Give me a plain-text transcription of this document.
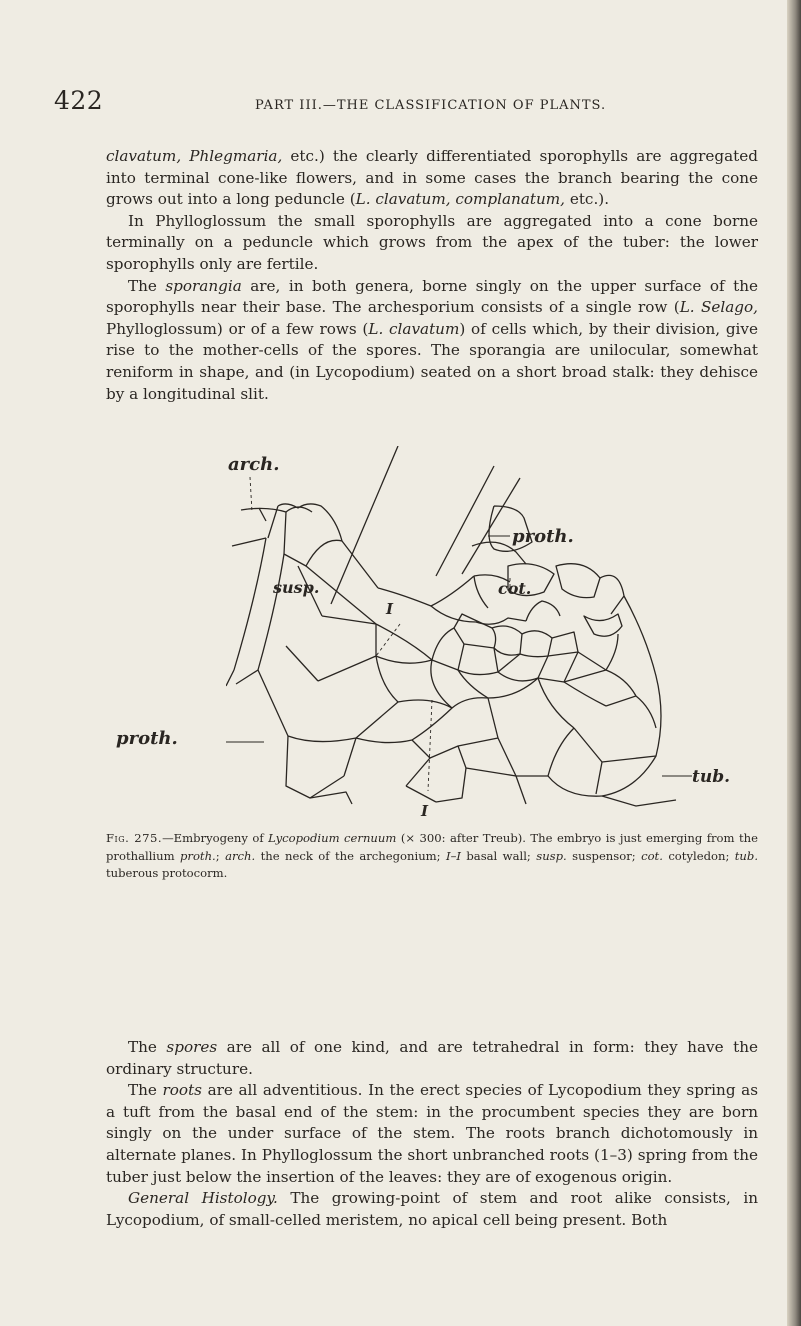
422	PART III.—THE CLASSIFICATION OF PLANTS.

clavatum, Phlegmaria, etc.) the clearly differentiated sporophylls are aggregated into terminal cone-like flowers, and in some cases the branch bearing the cone grows out into a long peduncle (L. clavatum, complanatum, etc.).

In Phylloglossum the small sporophylls are aggregated into a cone borne terminally on a peduncle which grows from the apex of the tuber: the lower sporophylls only are fertile.

The sporangia are, in both genera, borne singly on the upper surface of the sporophylls near their base. The archesporium consists of a single row (L. Selago, Phylloglossum) or of a few rows (L. clavatum) of cells which, by their division, give rise to the mother-cells of the spores. The sporangia are unilocular, somewhat reniform in shape, and (in Lycopodium) seated on a short broad stalk: they dehisce by a longitudinal slit.

arch.
proth.
susp.	cot.
I
tub.
I
proth.
Fig. 275.—Embryogeny of Lycopodium cernuum (× 300: after Treub). The embryo is just emerging from the prothallium proth.; arch. the neck of the archegonium; I–I basal wall; susp. suspensor; cot. cotyledon; tub. tuberous protocorm.

The spores are all of one kind, and are tetrahedral in form: they have the ordinary structure.

The roots are all adventitious. In the erect species of Lycopodium they spring as a tuft from the basal end of the stem: in the procumbent species they are born singly on the under surface of the stem. The roots branch dichotomously in alternate planes. In Phylloglossum the short unbranched roots (1–3) spring from the tuber just below the insertion of the leaves: they are of exogenous origin.

General Histology. The growing-point of stem and root alike consists, in Lycopodium, of small-celled meristem, no apical cell being present. Both
